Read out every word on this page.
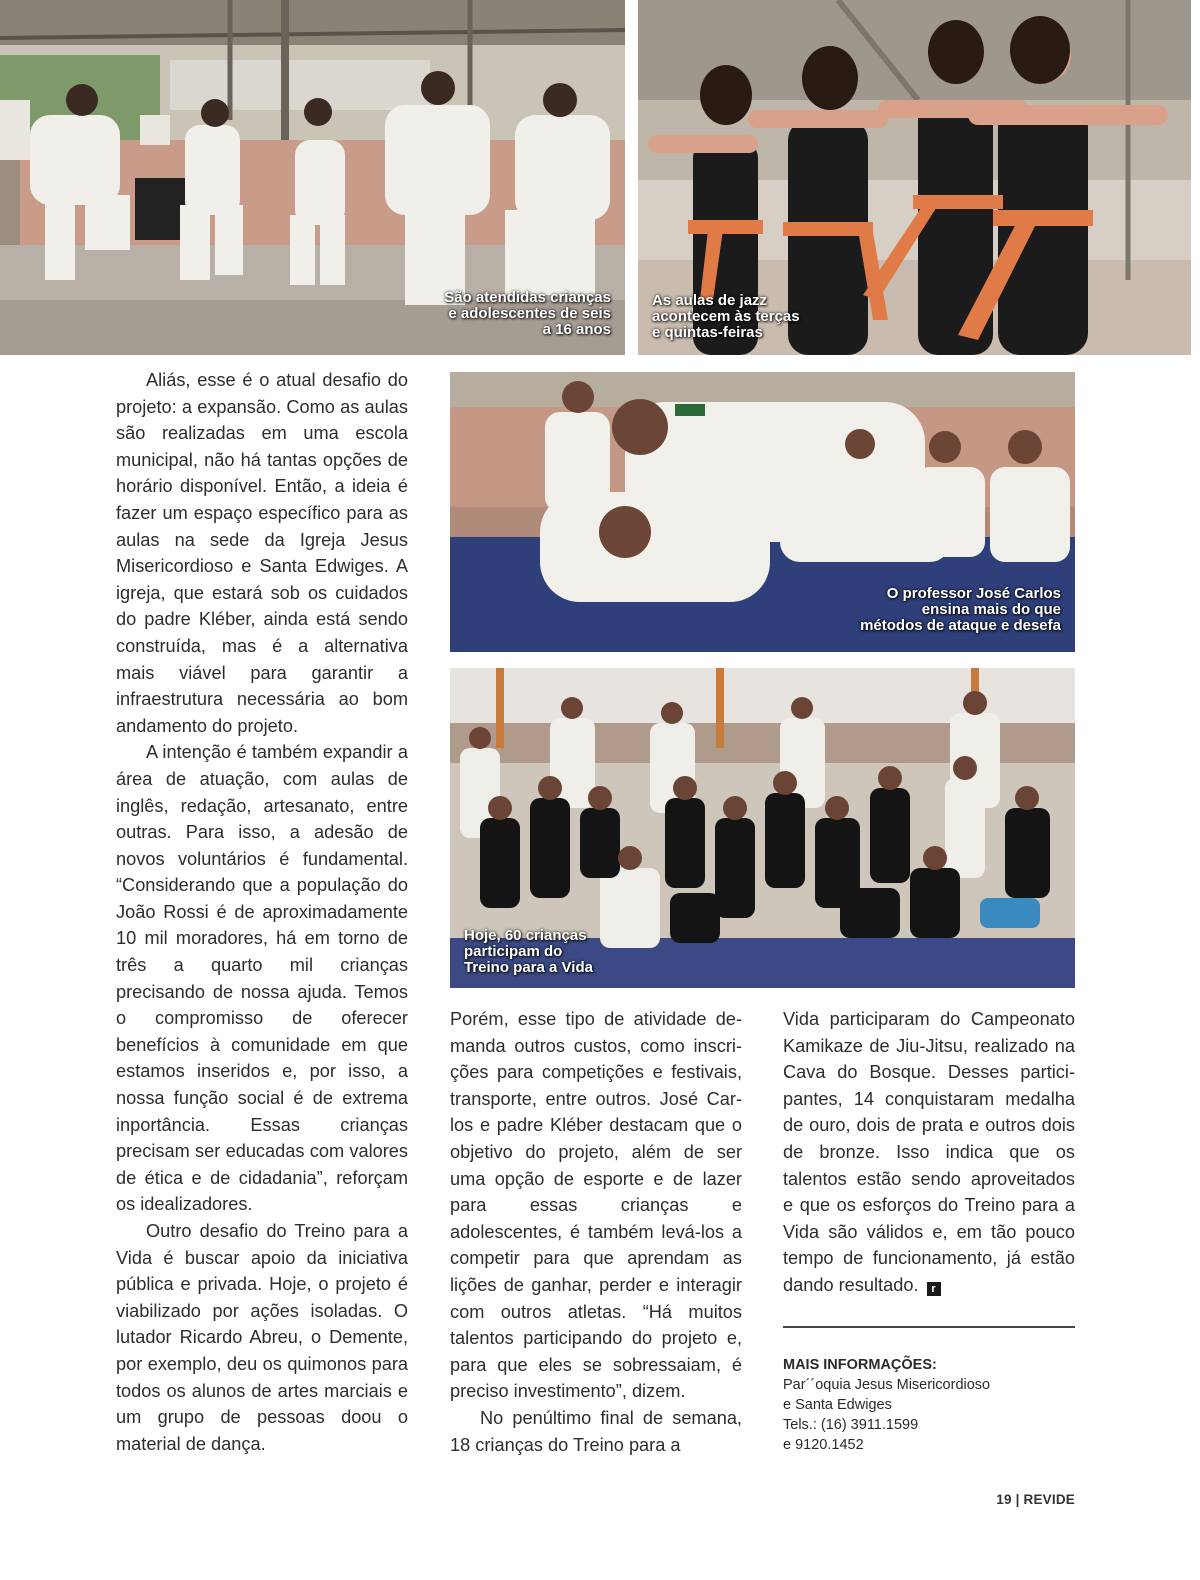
São atendidas crianças
e adolescentes de seis
a 16 anos
As aulas de jazz
acontecem às terças
e quintas-feiras
O professor José Carlos
ensina mais do que
métodos de ataque e desefa
Hoje, 60 crianças
participam do
Treino para a Vida

Aliás, esse é o atual desafio do projeto: a expansão. Como as aulas são realizadas em uma escola municipal, não há tantas opções de horário disponível. Então, a ideia é fazer um espaço específico para as aulas na sede da Igreja Jesus Misericordioso e Santa Edwiges. A igreja, que estará sob os cuidados do padre Kléber, ainda está sendo construída, mas é a alternativa mais viável para garantir a infraestrutura necessária ao bom andamento do projeto.

A intenção é também expandir a área de atuação, com aulas de inglês, redação, artesanato, entre outras. Para isso, a adesão de novos voluntários é fundamental. “Considerando que a população do João Rossi é de aproximadamente 10 mil moradores, há em torno de três a quarto mil crianças precisando de nossa ajuda. Temos o compromisso de oferecer benefícios à comunidade em que estamos inseridos e, por isso, a nossa função social é de extrema inportância. Essas crianças precisam ser educadas com valores de ética e de cidadania”, reforçam os idealizadores.

Outro desafio do Treino para a Vida é buscar apoio da iniciativa pública e privada. Hoje, o projeto é viabilizado por ações isoladas. O lutador Ricardo Abreu, o Demente, por exemplo, deu os quimonos para todos os alunos de artes marciais e um grupo de pessoas doou o material de dança.

Porém, esse tipo de atividade demanda outros custos, como inscrições para competições e festivais, transporte, entre outros. José Carlos e padre Kléber destacam que o objetivo do projeto, além de ser uma opção de esporte e de lazer para essas crianças e adolescentes, é também levá-los a competir para que aprendam as lições de ganhar, perder e interagir com outros atletas. “Há muitos talentos participando do projeto e, para que eles se sobressaiam, é preciso investimento”, dizem.

No penúltimo final de semana, 18 crianças do Treino para a

Vida participaram do Campeonato Kamikaze de Jiu-Jitsu, realizado na Cava do Bosque. Desses participantes, 14 conquistaram medalha de ouro, dois de prata e outros dois de bronze. Isso indica que os talentos estão sendo aproveitados e que os esforços do Treino para a Vida são válidos e, em tão pouco tempo de funcionamento, já estão dando resultado. r

MAIS INFORMAÇÕES:
Par´´oquia Jesus Misericordioso
e Santa Edwiges
Tels.: (16) 3911.1599
e 9120.1452
19 | REVIDE
